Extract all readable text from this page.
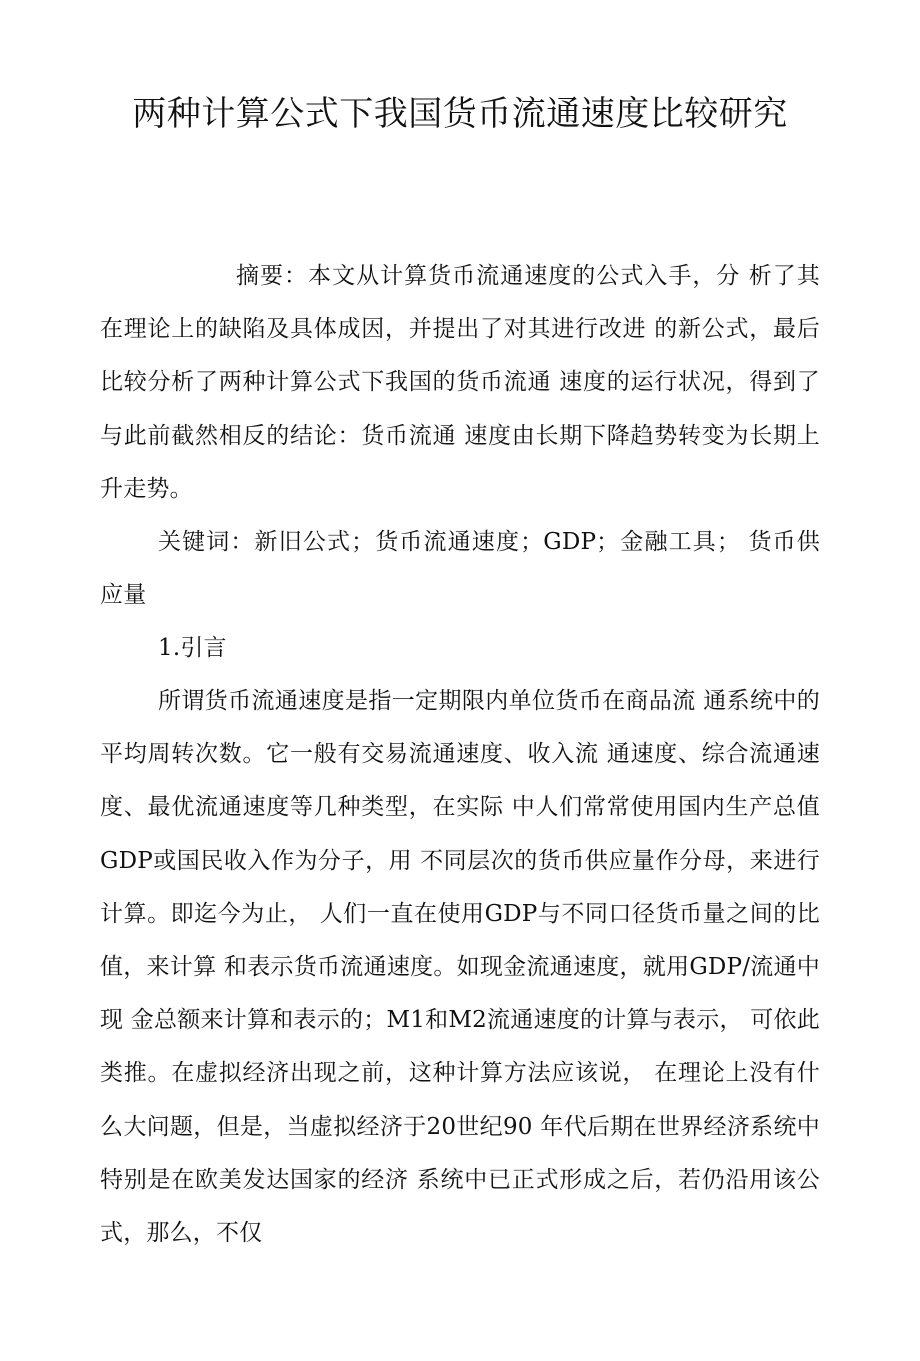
两种计算公式下我国货币流通速度比较研究

摘要：本文从计算货币流通速度的公式入手，分 析了其在理论上的缺陷及具体成因，并提出了对其进行改进 的新公式，最后比较分析了两种计算公式下我国的货币流通 速度的运行状况，得到了与此前截然相反的结论：货币流通 速度由长期下降趋势转变为长期上升走势。

关键词：新旧公式；货币流通速度；GDP；金融工具； 货币供应量

1.引言

所谓货币流通速度是指一定期限内单位货币在商品流 通系统中的平均周转次数。它一般有交易流通速度、收入流 通速度、综合流通速度、最优流通速度等几种类型，在实际 中人们常常使用国内生产总值GDP或国民收入作为分子，用 不同层次的货币供应量作分母，来进行计算。即迄今为止， 人们一直在使用GDP与不同口径货币量之间的比值，来计算 和表示货币流通速度。如现金流通速度，就用GDP/流通中现 金总额来计算和表示的；M1和M2流通速度的计算与表示， 可依此类推。在虚拟经济出现之前，这种计算方法应该说， 在理论上没有什么大问题，但是，当虚拟经济于20世纪90 年代后期在世界经济系统中特别是在欧美发达国家的经济 系统中已正式形成之后，若仍沿用该公式，那么，不仅
